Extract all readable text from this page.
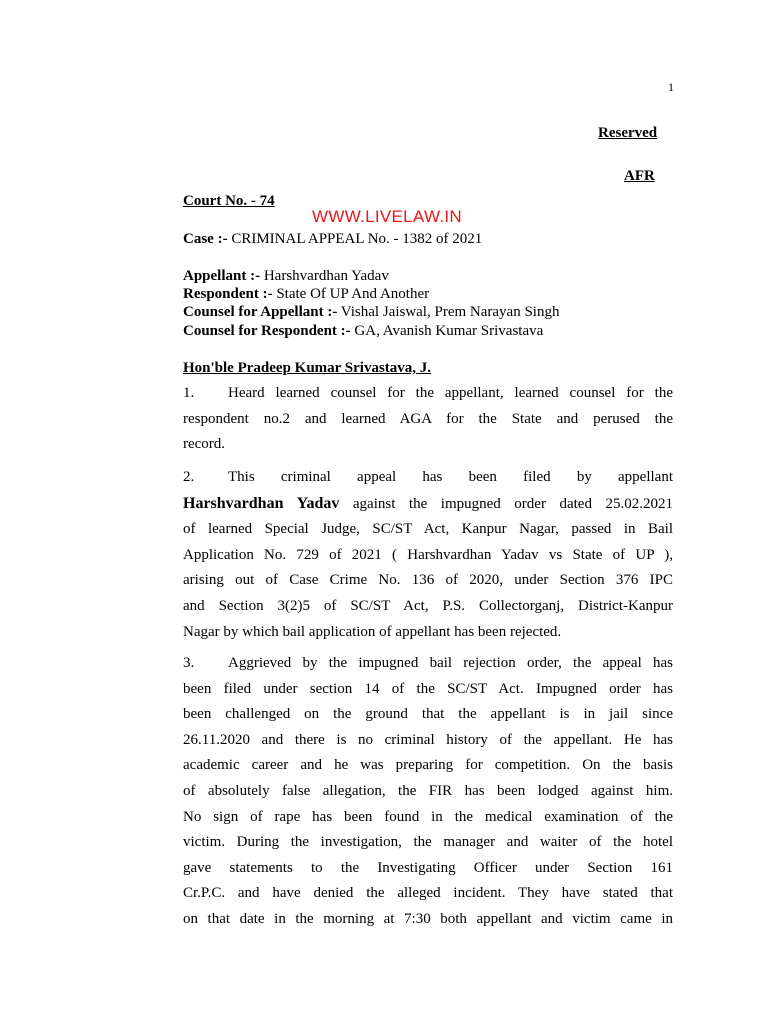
1
Reserved
AFR
Court No. - 74
WWW.LIVELAW.IN
Case :- CRIMINAL APPEAL No. - 1382 of 2021
Appellant :- Harshvardhan Yadav
Respondent :- State Of UP And Another
Counsel for Appellant :- Vishal Jaiswal, Prem Narayan Singh
Counsel for Respondent :- GA, Avanish Kumar Srivastava
Hon'ble Pradeep Kumar Srivastava, J.
1. Heard learned counsel for the appellant, learned counsel for the
respondent no.2 and learned AGA for the State and perused the
record.
2. This criminal appeal has been filed by appellant
Harshvardhan Yadav against the impugned order dated 25.02.2021
of learned Special Judge, SC/ST Act, Kanpur Nagar, passed in Bail
Application No. 729 of 2021 ( Harshvardhan Yadav vs State of UP ),
arising out of Case Crime No. 136 of 2020, under Section 376 IPC
and Section 3(2)5 of SC/ST Act, P.S. Collectorganj, District-Kanpur
Nagar by which bail application of appellant has been rejected.
3. Aggrieved by the impugned bail rejection order, the appeal has
been filed under section 14 of the SC/ST Act. Impugned order has
been challenged on the ground that the appellant is in jail since
26.11.2020 and there is no criminal history of the appellant. He has
academic career and he was preparing for competition. On the basis
of absolutely false allegation, the FIR has been lodged against him.
No sign of rape has been found in the medical examination of the
victim. During the investigation, the manager and waiter of the hotel
gave statements to the Investigating Officer under Section 161
Cr.P.C. and have denied the alleged incident. They have stated that
on that date in the morning at 7:30 both appellant and victim came in
